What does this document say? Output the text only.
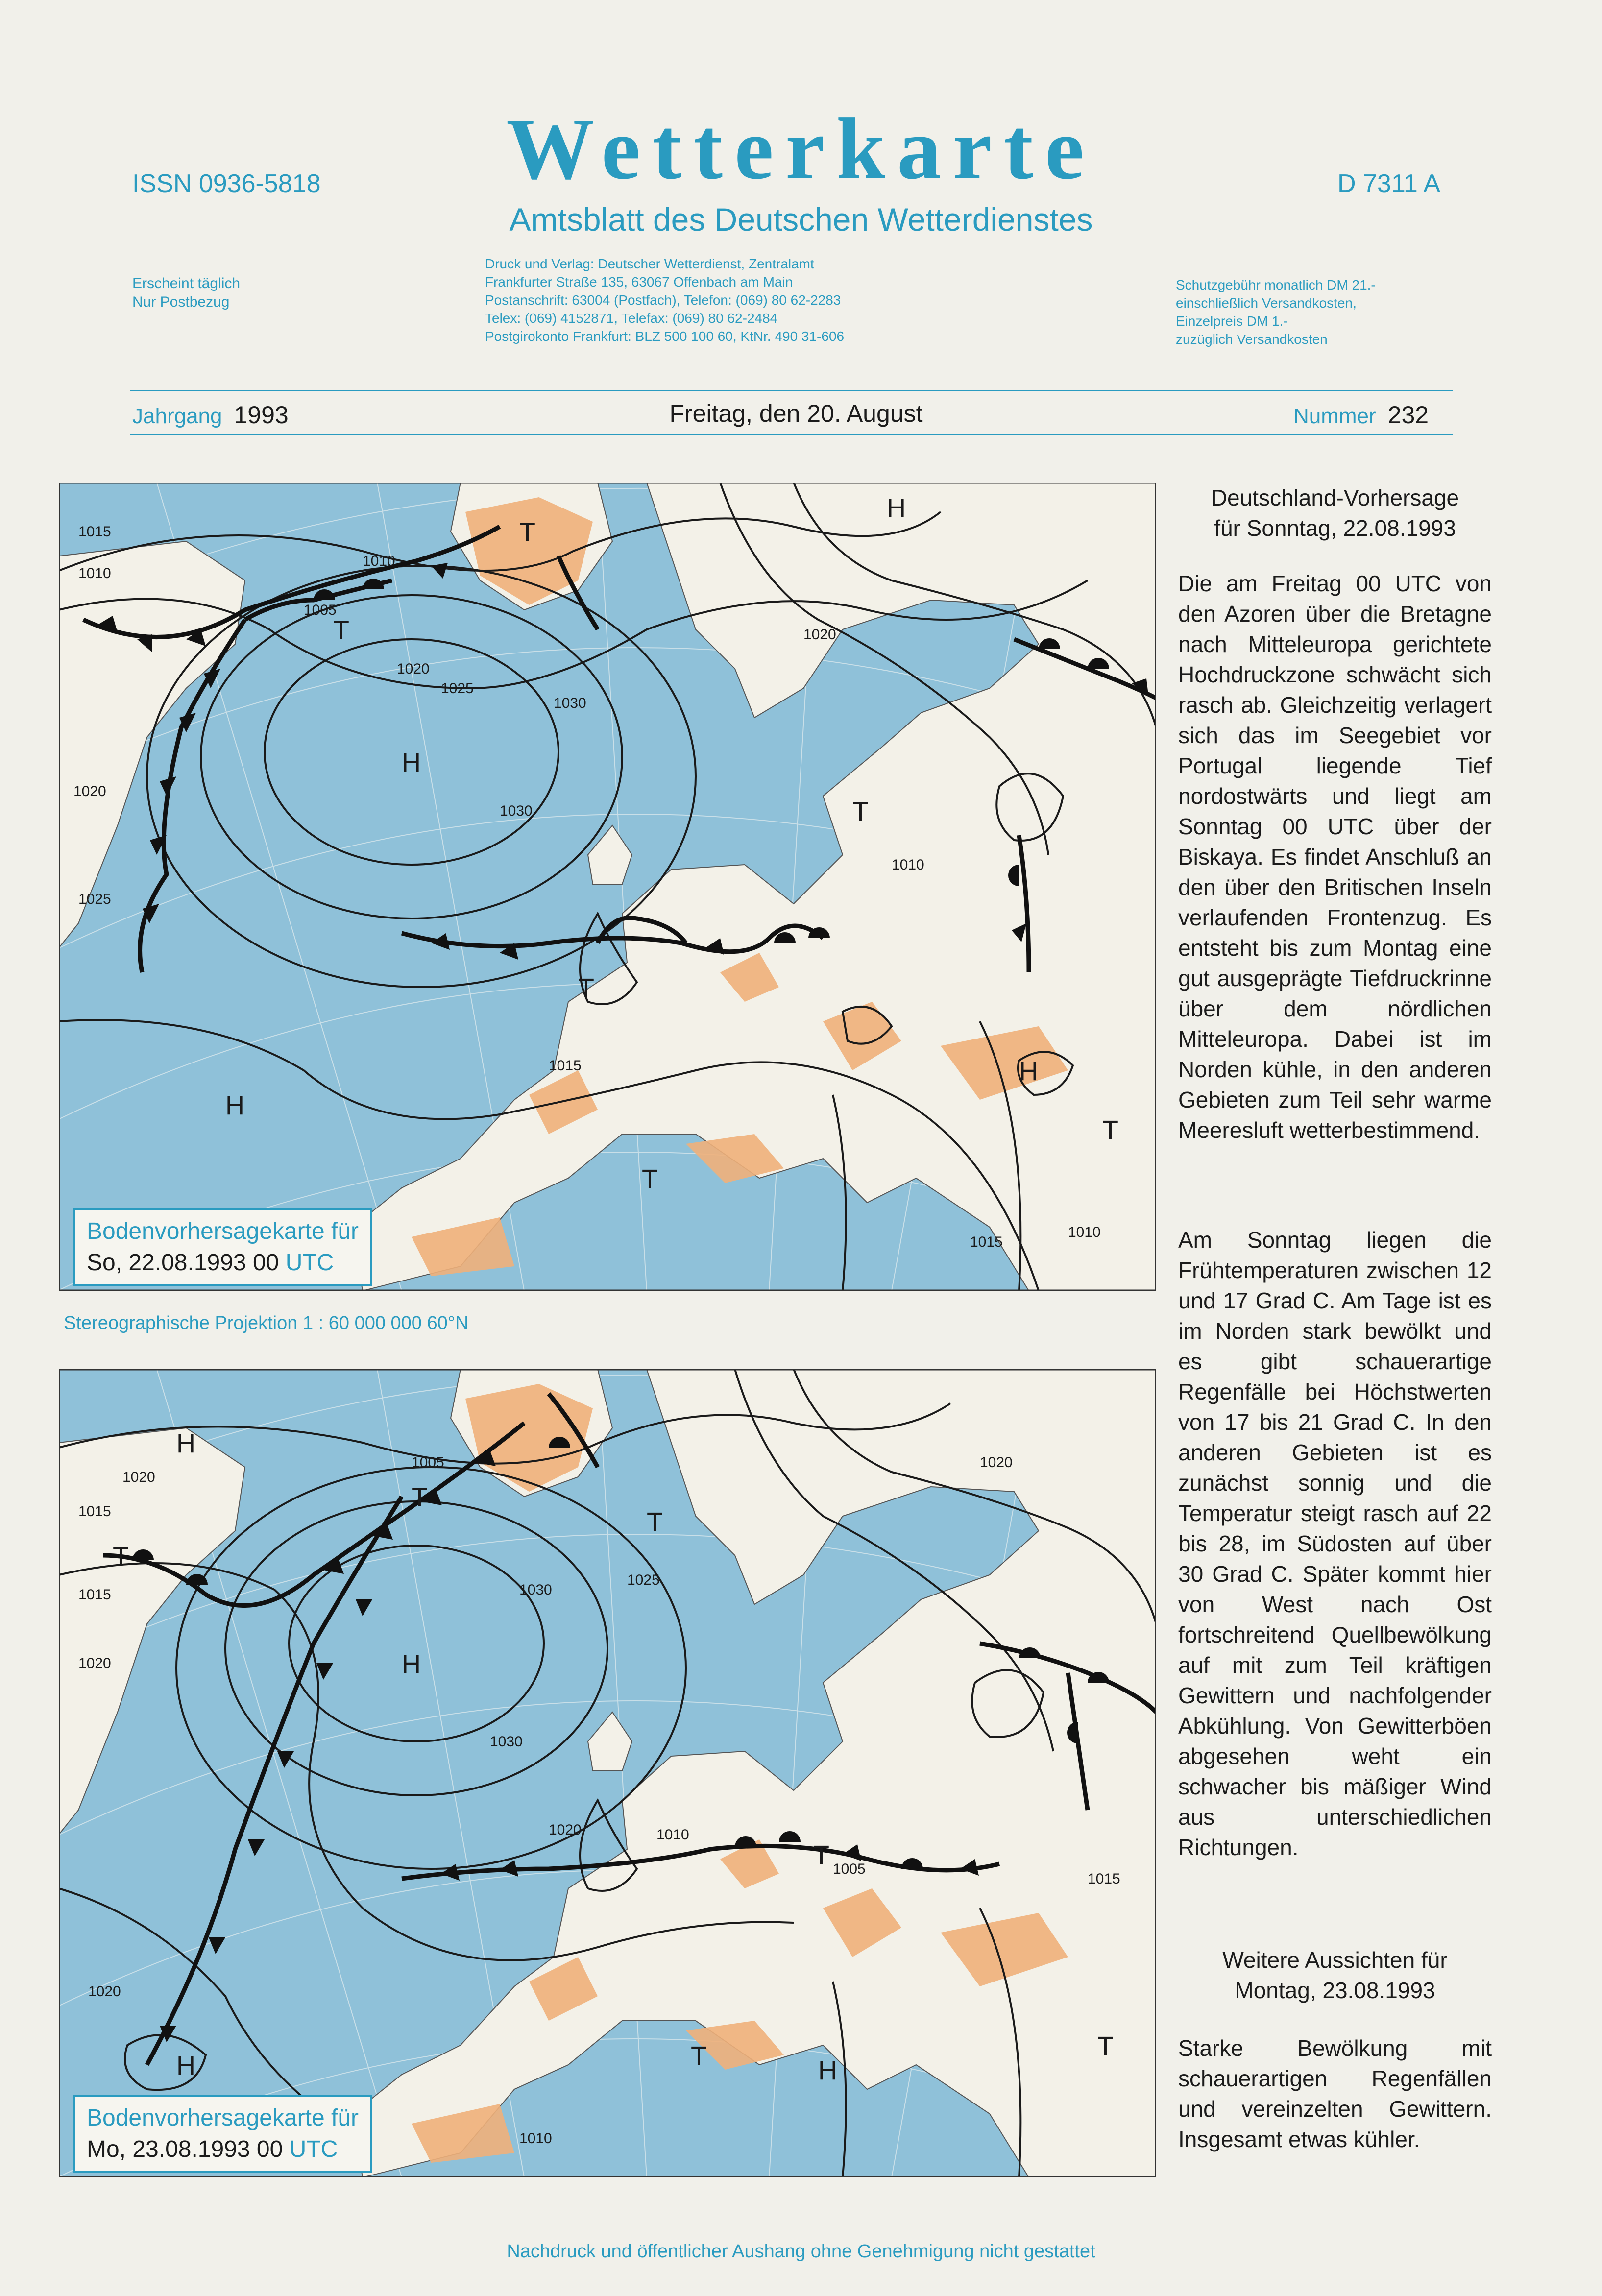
ISSN 0936-5818	Wetterkarte
Amtsblatt des Deutschen Wetterdienstes
D 7311 A
Erscheint täglich
Nur Postbezug
Druck und Verlag: Deutscher Wetterdienst, Zentralamt
Frankfurter Straße 135, 63067 Offenbach am Main
Postanschrift: 63004 (Postfach), Telefon: (069) 80 62-2283
Telex: (069) 4152871, Telefax: (069) 80 62-2484
Postgirokonto Frankfurt: BLZ 500 100 60, KtNr. 490 31-606
Schutzgebühr monatlich DM 21.-
einschließlich Versandkosten,
Einzelpreis DM 1.-
zuzüglich Versandkosten
Jahrgang 1993	Freitag, den 20. August	Nummer 232
H
H
H
H
T
T
T
T
T
T
1015
1010
1010
1005
1020
1025
1030
1030
1020
1020
1025
1015
1010
1015
1010
Bodenvorhersagekarte für
So, 22.08.1993 00 UTC
Stereographische Projektion 1 : 60 000 000 60°N
H
H
H	H
T
T
T
T
T	T
1020
1015
1015
1020
1005
1030
1025
1030
1020	1010
1020
1005
1015
1020
1010
Bodenvorhersagekarte für
Mo, 23.08.1993 00 UTC
Deutschland-Vorhersage
für Sonntag, 22.08.1993

Die am Freitag 00 UTC von den Azoren über die Bretagne nach Mitteleuropa gerichtete Hochdruckzone schwächt sich rasch ab. Gleichzeitig verlagert sich das im Seegebiet vor Portugal liegende Tief nordostwärts und liegt am Sonntag 00 UTC über der Biskaya. Es findet Anschluß an den über den Britischen Inseln verlaufenden Frontenzug. Es entsteht bis zum Montag eine gut ausgeprägte Tiefdruckrinne über dem nördlichen Mitteleuropa. Dabei ist im Norden kühle, in den anderen Gebieten zum Teil sehr warme Meeresluft wetterbestimmend.

Am Sonntag liegen die Frühtemperaturen zwischen 12 und 17 Grad C. Am Tage ist es im Norden stark bewölkt und es gibt schauerartige Regenfälle bei Höchstwerten von 17 bis 21 Grad C. In den anderen Gebieten ist es zunächst sonnig und die Temperatur steigt rasch auf 22 bis 28, im Südosten auf über 30 Grad C. Später kommt hier von West nach Ost fortschreitend Quellbewölkung auf mit zum Teil kräftigen Gewittern und nachfolgender Abkühlung. Von Gewitterböen abgesehen weht ein schwacher bis mäßiger Wind aus unterschiedlichen Richtungen.

Weitere Aussichten für
Montag, 23.08.1993

Starke Bewölkung mit schauerartigen Regenfällen und vereinzelten Gewittern. Insgesamt etwas kühler.

Nachdruck und öffentlicher Aushang ohne Genehmigung nicht gestattet
